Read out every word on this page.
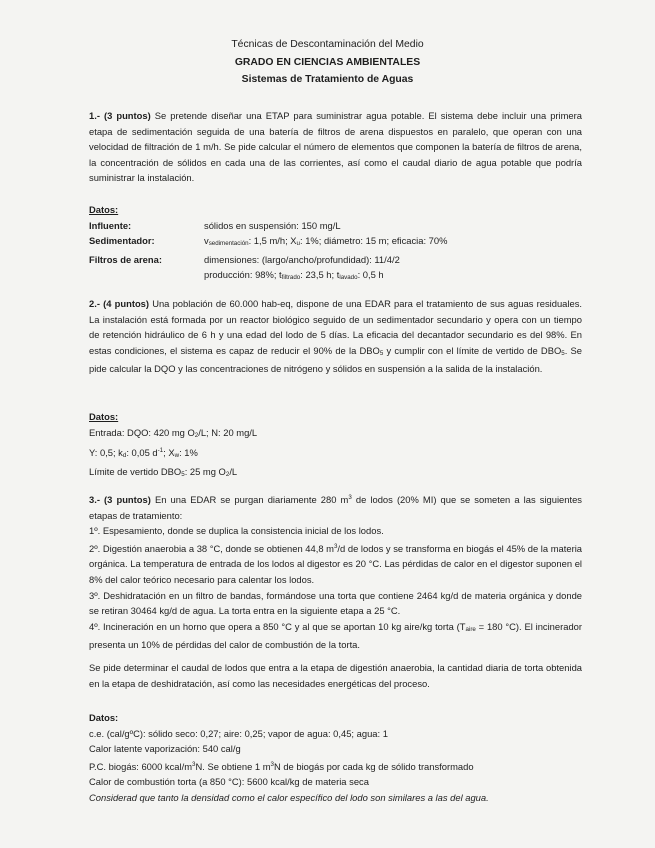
Técnicas de Descontaminación del Medio
GRADO EN CIENCIAS AMBIENTALES
Sistemas de Tratamiento de Aguas
1.- (3 puntos) Se pretende diseñar una ETAP para suministrar agua potable. El sistema debe incluir una primera etapa de sedimentación seguida de una batería de filtros de arena dispuestos en paralelo, que operan con una velocidad de filtración de 1 m/h. Se pide calcular el número de elementos que componen la batería de filtros de arena, la concentración de sólidos en cada una de las corrientes, así como el caudal diario de agua potable que podría suministrar la instalación.
Datos:
Influente:	sólidos en suspensión: 150 mg/L
Sedimentador:	vsedimentación: 1,5 m/h; Xu: 1%; diámetro: 15 m; eficacia: 70%
Filtros de arena:	dimensiones: (largo/ancho/profundidad): 11/4/2
producción: 98%; tfiltrado: 23,5 h; tlavado: 0,5 h
2.- (4 puntos) Una población de 60.000 hab-eq, dispone de una EDAR para el tratamiento de sus aguas residuales. La instalación está formada por un reactor biológico seguido de un sedimentador secundario y opera con un tiempo de retención hidráulico de 6 h y una edad del lodo de 5 días. La eficacia del decantador secundario es del 98%. En estas condiciones, el sistema es capaz de reducir el 90% de la DBO5 y cumplir con el límite de vertido de DBO5. Se pide calcular la DQO y las concentraciones de nitrógeno y sólidos en suspensión a la salida de la instalación.
Datos:
Entrada: DQO: 420 mg O2/L; N: 20 mg/L
Y: 0,5; kd: 0,05 $d^{-1}$; Xw: 1%
Límite de vertido DBO5: 25 mg O2/L
3.- (3 puntos) En una EDAR se purgan diariamente 280 $m^3$ de lodos (20% MI) que se someten a las siguientes etapas de tratamiento:
1º. Espesamiento, donde se duplica la consistencia inicial de los lodos.
2º. Digestión anaerobia a 38 °C, donde se obtienen 44,8 $m^3/d$ de lodos y se transforma en biogás el 45% de la materia orgánica. La temperatura de entrada de los lodos al digestor es 20 °C. Las pérdidas de calor en el digestor suponen el 8% del calor teórico necesario para calentar los lodos.
3º. Deshidratación en un filtro de bandas, formándose una torta que contiene 2464 kg/d de materia orgánica y donde se retiran 30464 kg/d de agua. La torta entra en la siguiente etapa a 25 °C.
4º. Incineración en un horno que opera a 850 °C y al que se aportan 10 kg aire/kg torta (Taire = 180 °C). El incinerador presenta un 10% de pérdidas del calor de combustión de la torta.
Se pide determinar el caudal de lodos que entra a la etapa de digestión anaerobia, la cantidad diaria de torta obtenida en la etapa de deshidratación, así como las necesidades energéticas del proceso.
Datos:
c.e. (cal/gºC): sólido seco: 0,27; aire: 0,25; vapor de agua: 0,45; agua: 1
Calor latente vaporización: 540 cal/g
P.C. biogás: 6000 kcal/$m^3N$. Se obtiene 1 $m^3N$ de biogás por cada kg de sólido transformado
Calor de combustión torta (a 850 °C): 5600 kcal/kg de materia seca
Considerad que tanto la densidad como el calor específico del lodo son similares a las del agua.
